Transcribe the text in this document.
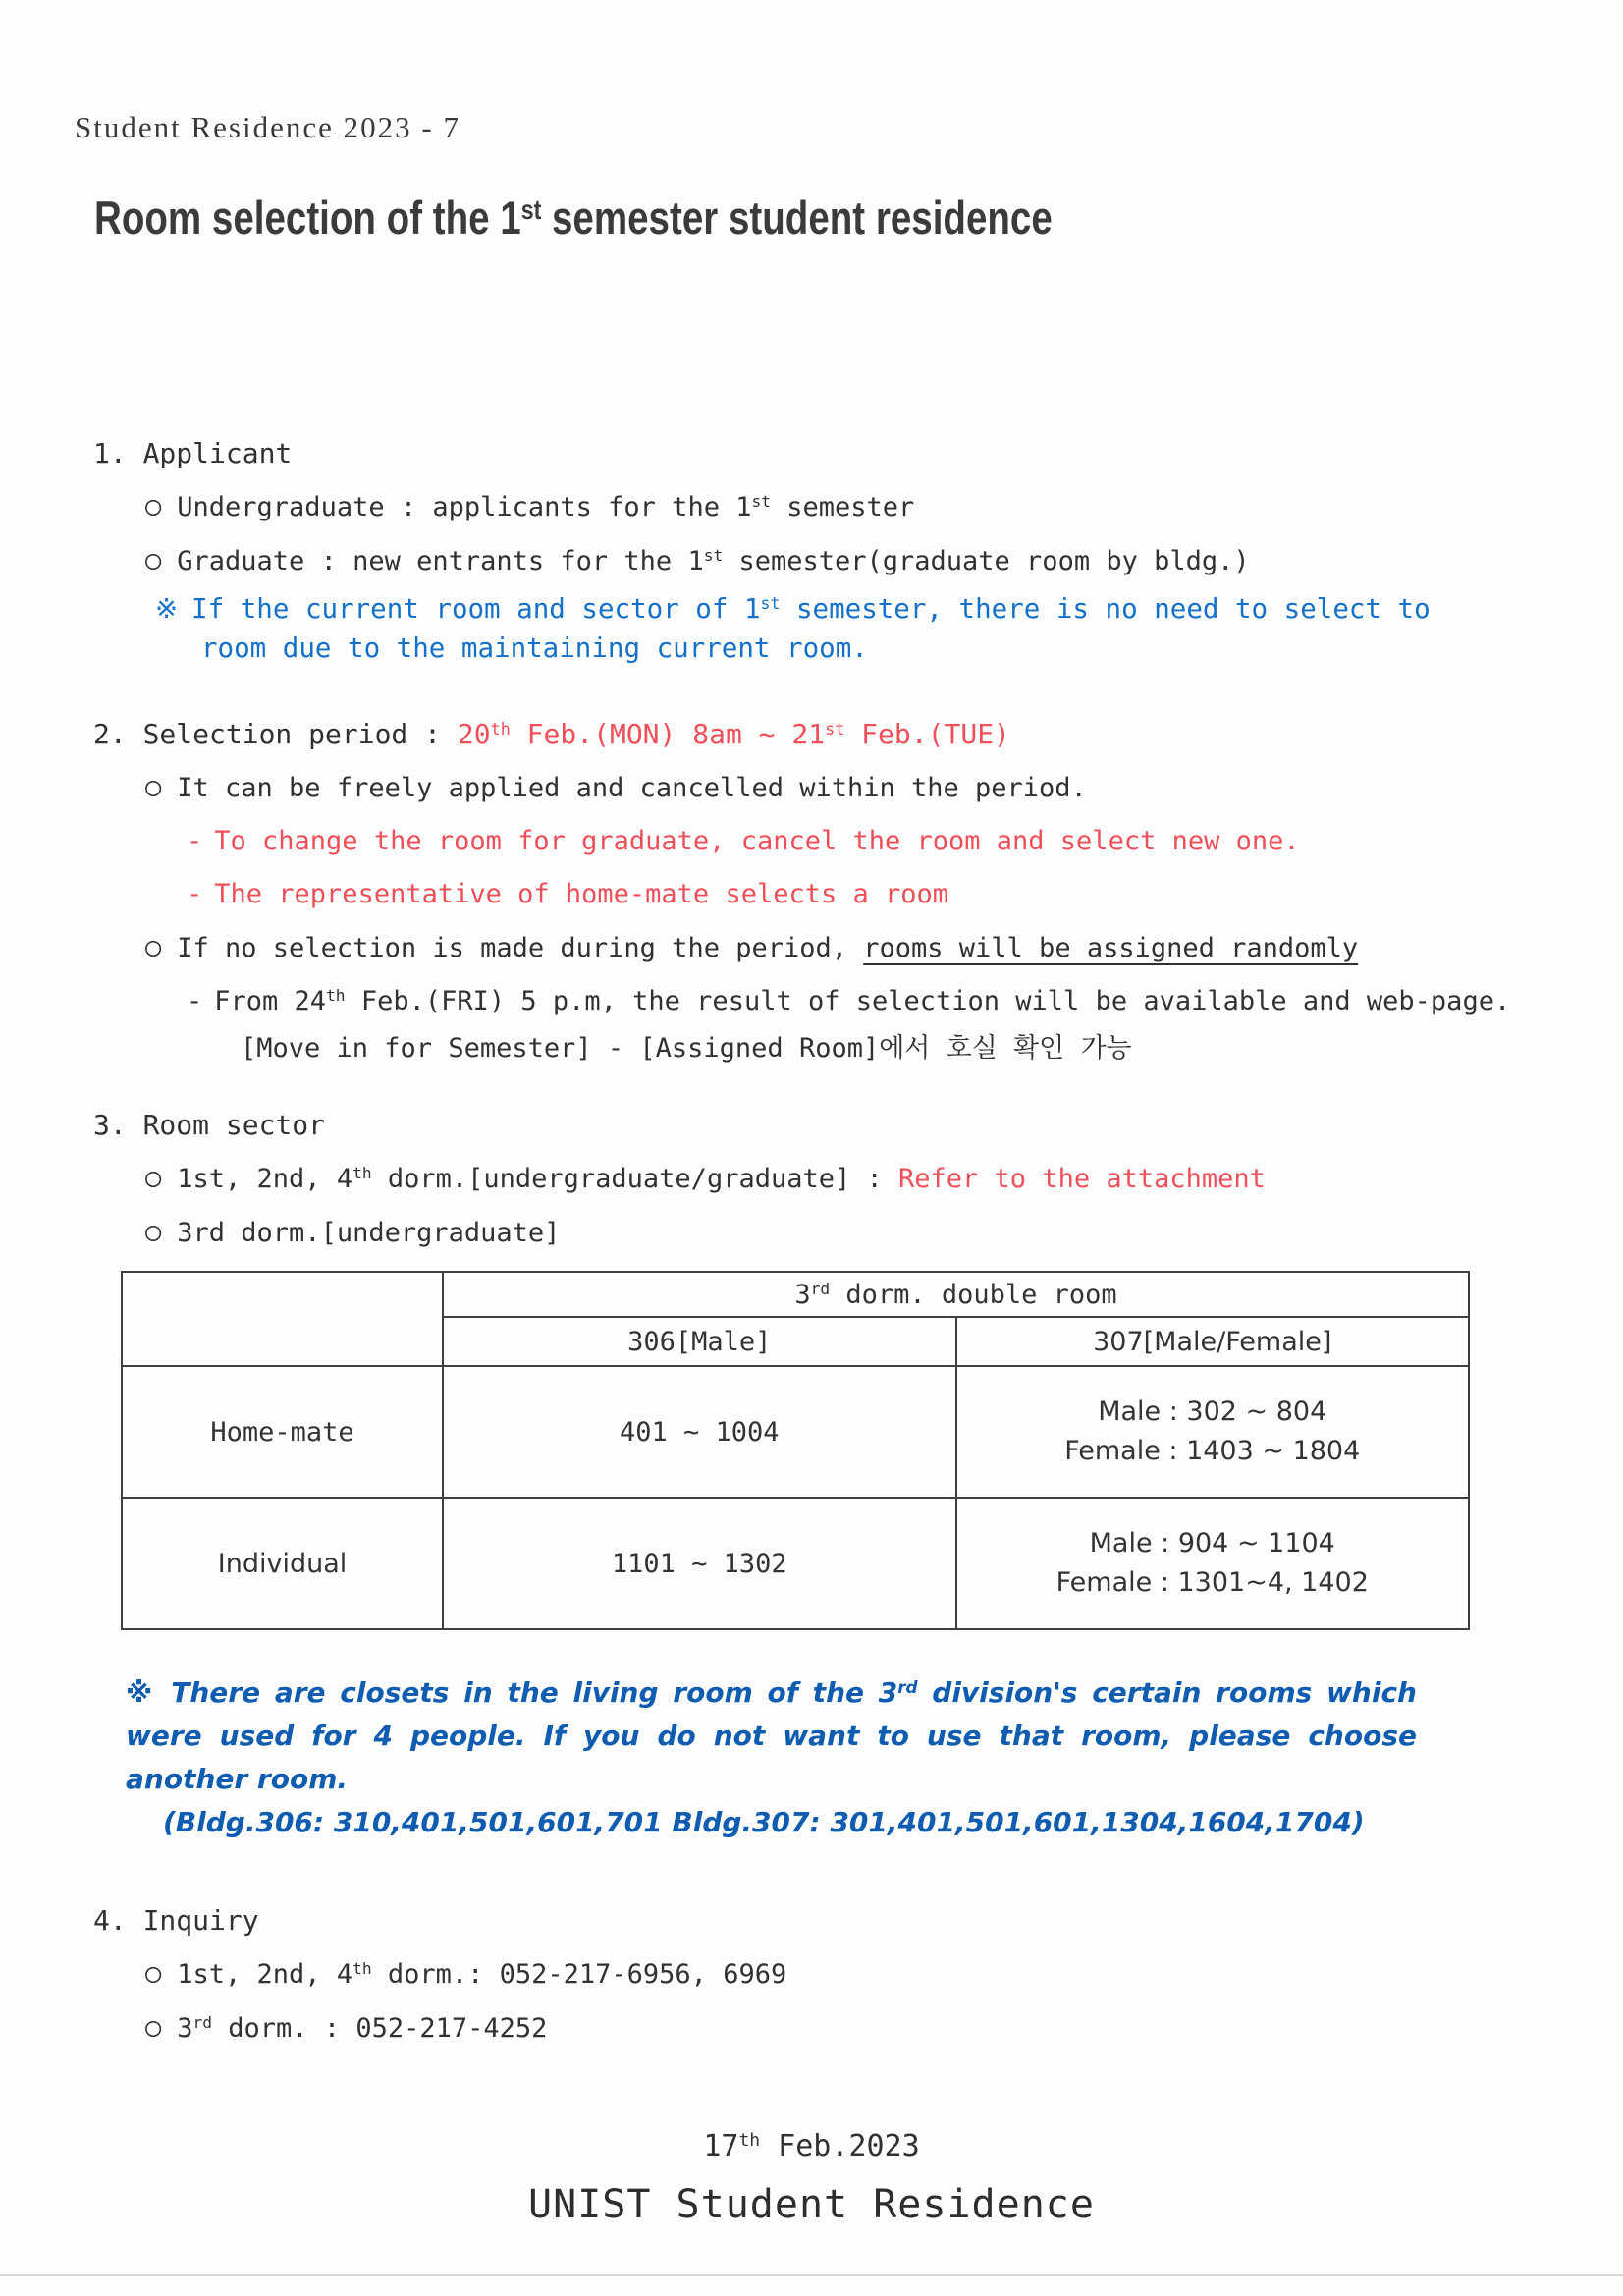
Student Residence 2023 - 7
Room selection of the 1st semester student residence
1. Applicant
○ Undergraduate : applicants for the 1st semester
○ Graduate : new entrants for the 1st semester(graduate room by bldg.)
※ If the current room and sector of 1st semester, there is no need to select to room due to the maintaining current room.
2. Selection period : 20th Feb.(MON) 8am ~ 21st Feb.(TUE)
○ It can be freely applied and cancelled within the period.
- To change the room for graduate, cancel the room and select new one.
- The representative of home-mate selects a room
○ If no selection is made during the period, rooms will be assigned randomly
- From 24th Feb.(FRI) 5 p.m, the result of selection will be available and web-page.
[Move in for Semester] - [Assigned Room]에서 호실 확인 가능
3. Room sector
○ 1st, 2nd, 4th dorm.[undergraduate/graduate] : Refer to the attachment
○ 3rd dorm.[undergraduate]
	3rd dorm. double room	
	306[Male]	307[Male/Female]
Home-mate	401 ~ 1004	Male : 302 ~ 804
Female : 1403 ~ 1804

Individual	1101 ~ 1302	Male : 904 ~ 1104
Female : 1301~4, 1402
※ There are closets in the living room of the 3rd division's certain rooms which were used for 4 people. If you do not want to use that room, please choose another room.
(Bldg.306: 310,401,501,601,701 Bldg.307: 301,401,501,601,1304,1604,1704)
4. Inquiry
○ 1st, 2nd, 4th dorm.: 052-217-6956, 6969
○ 3rd dorm. : 052-217-4252
17th Feb.2023
UNIST Student Residence
